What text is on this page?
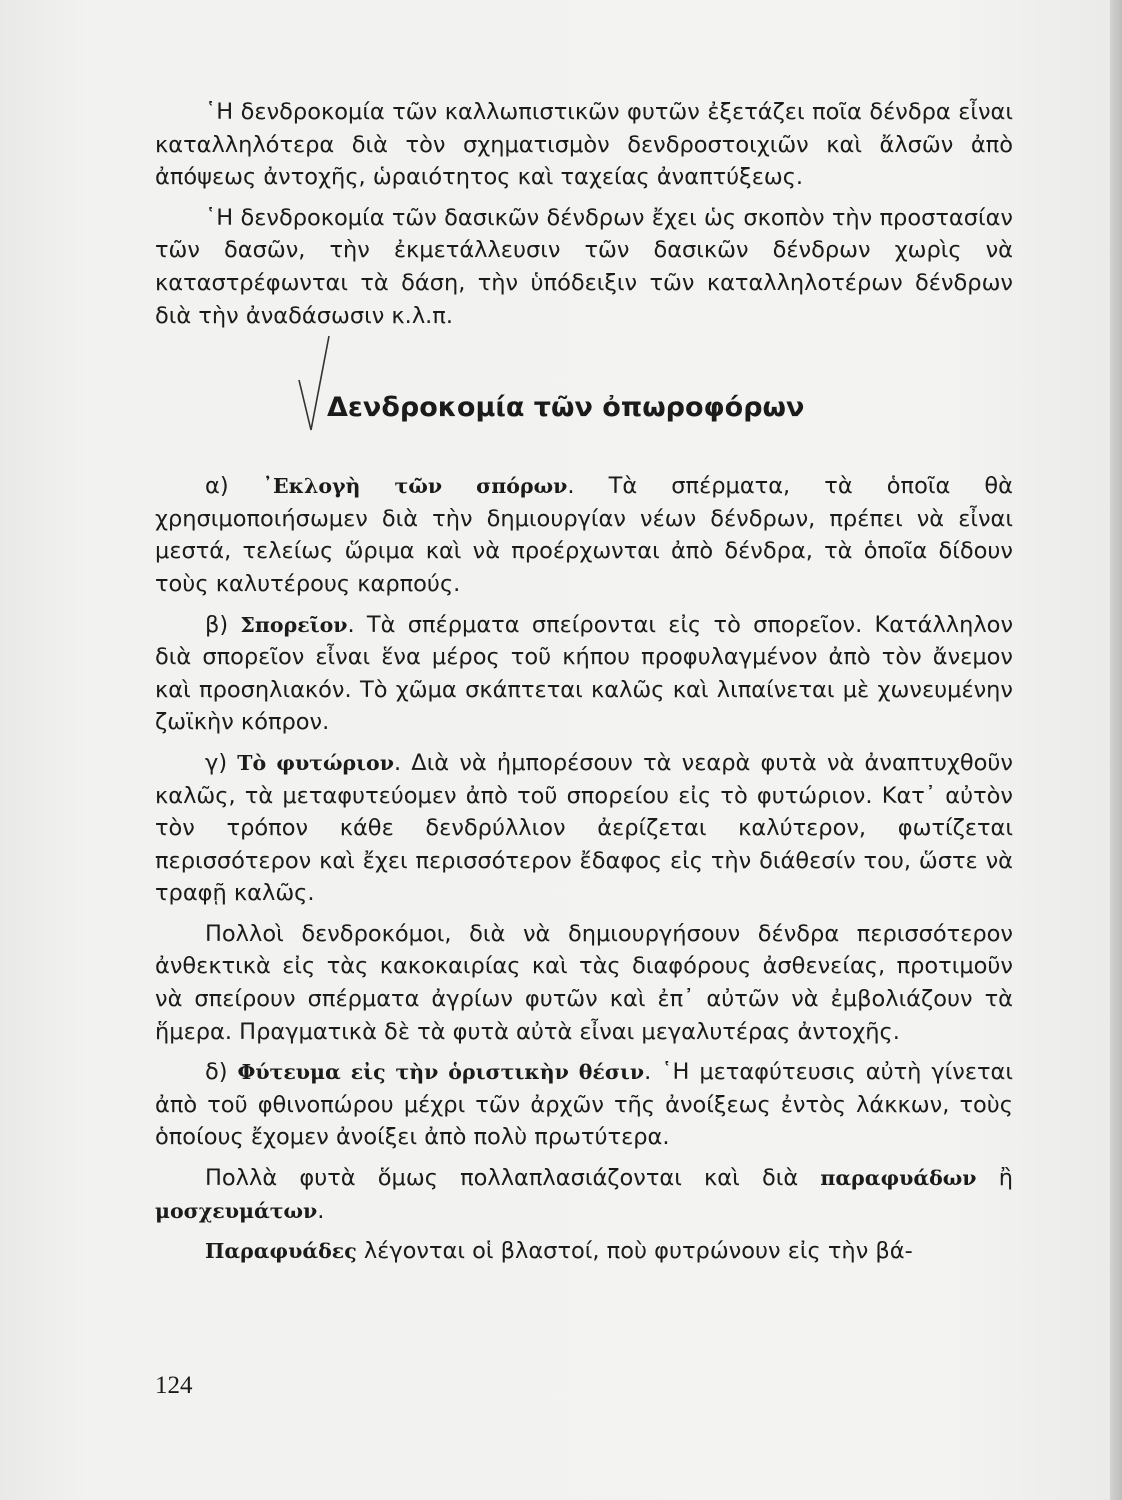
῾Η δενδροκομία τῶν καλλωπιστικῶν φυτῶν ἐξετάζει ποῖα δένδρα εἶναι καταλληλότερα διὰ τὸν σχηματισμὸν δενδροστοιχιῶν καὶ ἄλσῶν ἀπὸ ἀπόψεως ἀντοχῆς, ὡραιότητος καὶ ταχείας ἀναπτύξεως.

῾Η δενδροκομία τῶν δασικῶν δένδρων ἔχει ὡς σκοπὸν τὴν προστασίαν τῶν δασῶν, τὴν ἐκμετάλλευσιν τῶν δασικῶν δένδρων χωρὶς νὰ καταστρέφωνται τὰ δάση, τὴν ὑπόδειξιν τῶν καταλληλοτέρων δένδρων διὰ τὴν ἀναδάσωσιν κ.λ.π.

Δενδροκομία τῶν ὀπωροφόρων

α) ᾽Εκλογὴ τῶν σπόρων. Τὰ σπέρματα, τὰ ὁποῖα θὰ χρησιμοποιήσωμεν διὰ τὴν δημιουργίαν νέων δένδρων, πρέπει νὰ εἶναι μεστά, τελείως ὥριμα καὶ νὰ προέρχωνται ἀπὸ δένδρα, τὰ ὁποῖα δίδουν τοὺς καλυτέρους καρπούς.

β) Σπορεῖον. Τὰ σπέρματα σπείρονται εἰς τὸ σπορεῖον. Κατάλληλον διὰ σπορεῖον εἶναι ἕνα μέρος τοῦ κήπου προφυλαγμένον ἀπὸ τὸν ἄνεμον καὶ προσηλιακόν. Τὸ χῶμα σκάπτεται καλῶς καὶ λιπαίνεται μὲ χωνευμένην ζωϊκὴν κόπρον.

γ) Τὸ φυτώριον. Διὰ νὰ ἠμπορέσουν τὰ νεαρὰ φυτὰ νὰ ἀναπτυχθοῦν καλῶς, τὰ μεταφυτεύομεν ἀπὸ τοῦ σπορείου εἰς τὸ φυτώριον. Κατ᾽ αὐτὸν τὸν τρόπον κάθε δενδρύλλιον ἀερίζεται καλύτερον, φωτίζεται περισσότερον καὶ ἔχει περισσότερον ἔδαφος εἰς τὴν διάθεσίν του, ὥστε νὰ τραφῇ καλῶς.

Πολλοὶ δενδροκόμοι, διὰ νὰ δημιουργήσουν δένδρα περισσότερον ἀνθεκτικὰ εἰς τὰς κακοκαιρίας καὶ τὰς διαφόρους ἀσθενείας, προτιμοῦν νὰ σπείρουν σπέρματα ἀγρίων φυτῶν καὶ ἐπ᾽ αὐτῶν νὰ ἐμβολιάζουν τὰ ἥμερα. Πραγματικὰ δὲ τὰ φυτὰ αὐτὰ εἶναι μεγαλυτέρας ἀντοχῆς.

δ) Φύτευμα εἰς τὴν ὁριστικὴν θέσιν. ῾Η μεταφύτευσις αὐτὴ γίνεται ἀπὸ τοῦ φθινοπώρου μέχρι τῶν ἀρχῶν τῆς ἀνοίξεως ἐντὸς λάκκων, τοὺς ὁποίους ἔχομεν ἀνοίξει ἀπὸ πολὺ πρωτύτερα.

Πολλὰ φυτὰ ὅμως πολλαπλασιάζονται καὶ διὰ παραφυάδων ἢ μοσχευμάτων.

Παραφυάδες λέγονται οἱ βλαστοί, ποὺ φυτρώνουν εἰς τὴν βά-

124
